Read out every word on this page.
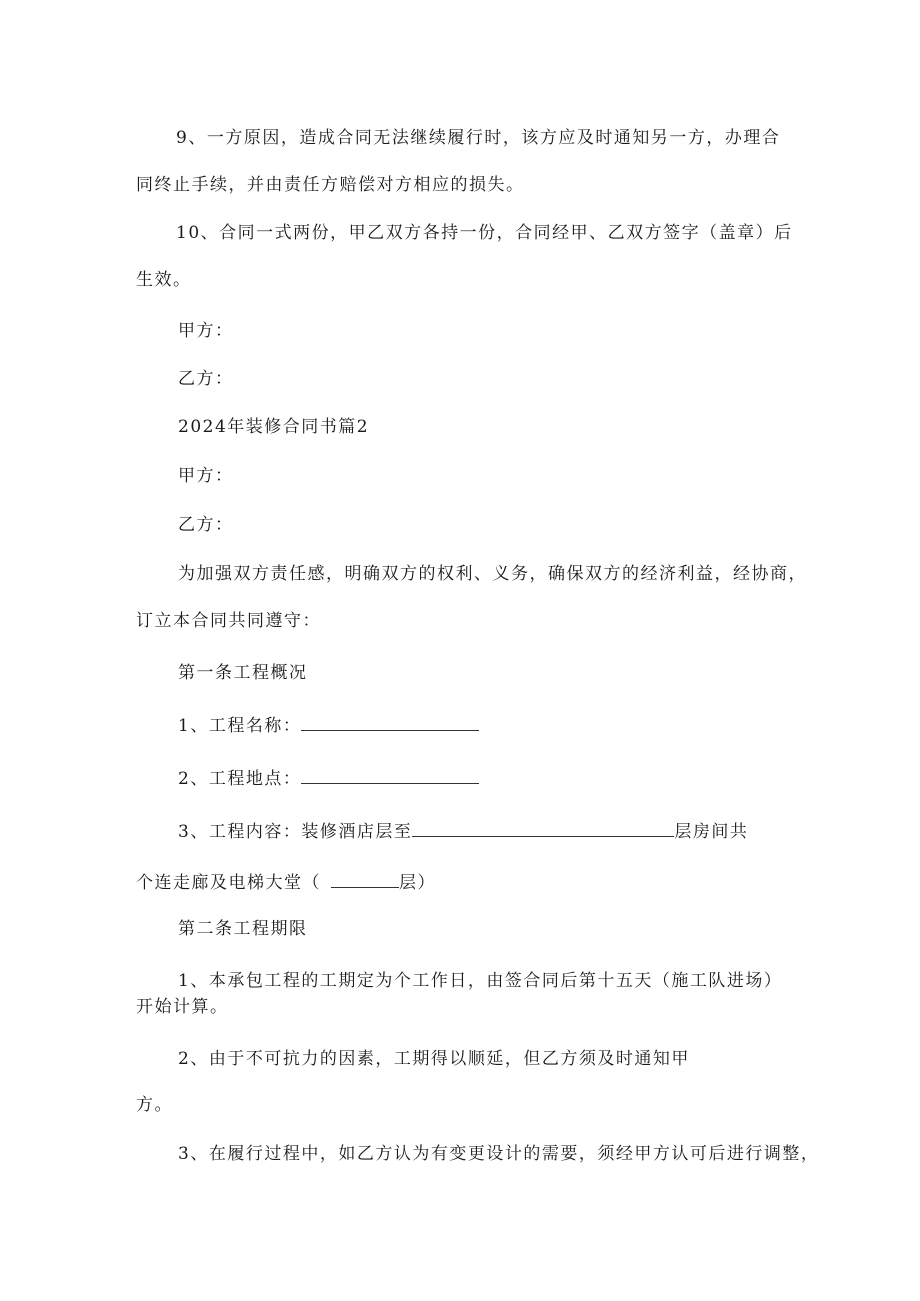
9、一方原因，造成合同无法继续履行时，该方应及时通知另一方，办理合
同终止手续，并由责任方赔偿对方相应的损失。
10、合同一式两份，甲乙双方各持一份，合同经甲、乙双方签字（盖章）后
生效。
甲方：
乙方：
2024年装修合同书篇2
甲方：
乙方：
为加强双方责任感，明确双方的权利、义务，确保双方的经济利益，经协商，
订立本合同共同遵守：
第一条工程概况
1、工程名称：
2、工程地点：
3、工程内容：装修酒店层至	层房间共
个连走廊及电梯大堂（	层）
第二条工程期限
1、本承包工程的工期定为个工作日，由签合同后第十五天（施工队进场）
开始计算。
2、由于不可抗力的因素，工期得以顺延，但乙方须及时通知甲
方。
3、在履行过程中，如乙方认为有变更设计的需要，须经甲方认可后进行调整，
